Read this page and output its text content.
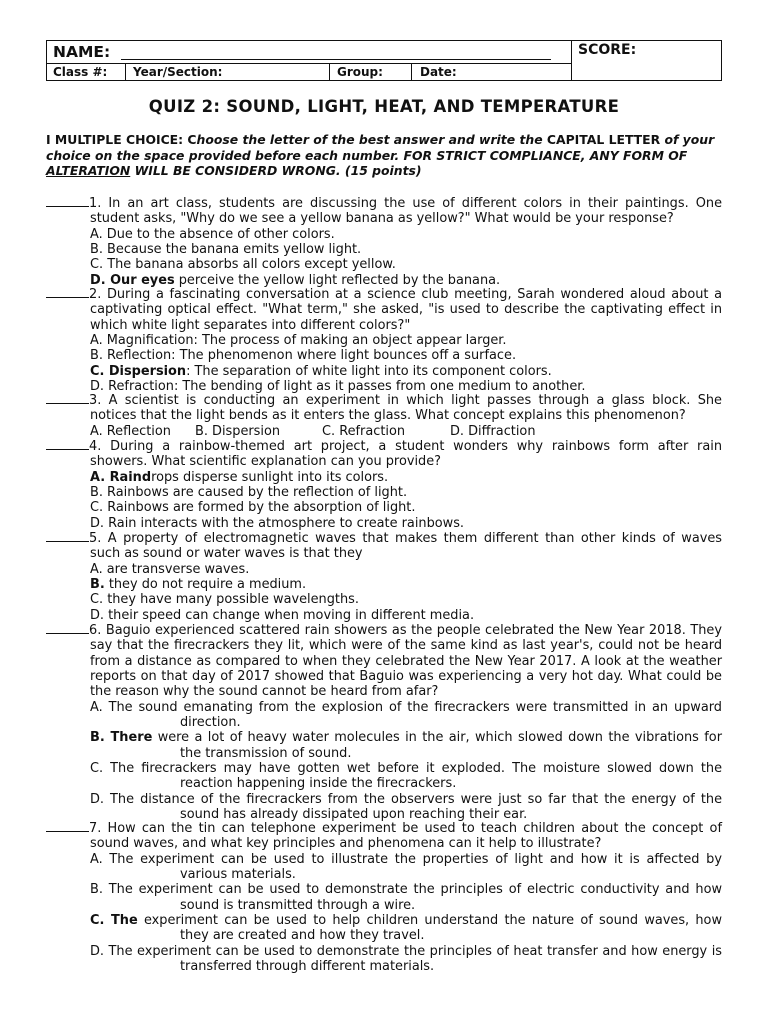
NAME:	SCORE:
Class #: Year/Section:	Group:	Date:
QUIZ 2: SOUND, LIGHT, HEAT, AND TEMPERATURE
I MULTIPLE CHOICE: Choose the letter of the best answer and write the CAPITAL LETTER of your choice on the space provided before each number. FOR STRICT COMPLIANCE, ANY FORM OF ALTERATION WILL BE CONSIDERD WRONG. (15 points)
1. In an art class, students are discussing the use of different colors in their paintings. One student asks, "Why do we see a yellow banana as yellow?" What would be your response?
A. Due to the absence of other colors.
B. Because the banana emits yellow light.
C. The banana absorbs all colors except yellow.
D. Our eyes perceive the yellow light reflected by the banana.
2. During a fascinating conversation at a science club meeting, Sarah wondered aloud about a captivating optical effect. "What term," she asked, "is used to describe the captivating effect in which white light separates into different colors?"
A. Magnification: The process of making an object appear larger.
B. Reflection: The phenomenon where light bounces off a surface.
C. Dispersion: The separation of white light into its component colors.
D. Refraction: The bending of light as it passes from one medium to another.
3. A scientist is conducting an experiment in which light passes through a glass block. She notices that the light bends as it enters the glass. What concept explains this phenomenon?
A. Reflection	B. Dispersion	C. Refraction	D. Diffraction
4. During a rainbow-themed art project, a student wonders why rainbows form after rain showers. What scientific explanation can you provide?
A. Raindrops disperse sunlight into its colors.
B. Rainbows are caused by the reflection of light.
C. Rainbows are formed by the absorption of light.
D. Rain interacts with the atmosphere to create rainbows.
5. A property of electromagnetic waves that makes them different than other kinds of waves such as sound or water waves is that they
A. are transverse waves.
B. they do not require a medium.
C. they have many possible wavelengths.
D. their speed can change when moving in different media.
6. Baguio experienced scattered rain showers as the people celebrated the New Year 2018. They say that the firecrackers they lit, which were of the same kind as last year's, could not be heard from a distance as compared to when they celebrated the New Year 2017. A look at the weather reports on that day of 2017 showed that Baguio was experiencing a very hot day. What could be the reason why the sound cannot be heard from afar?
A. The sound emanating from the explosion of the firecrackers were transmitted in an upward direction.
B. There were a lot of heavy water molecules in the air, which slowed down the vibrations for the transmission of sound.
C. The firecrackers may have gotten wet before it exploded. The moisture slowed down the reaction happening inside the firecrackers.
D. The distance of the firecrackers from the observers were just so far that the energy of the sound has already dissipated upon reaching their ear.
7. How can the tin can telephone experiment be used to teach children about the concept of sound waves, and what key principles and phenomena can it help to illustrate?
A. The experiment can be used to illustrate the properties of light and how it is affected by various materials.
B. The experiment can be used to demonstrate the principles of electric conductivity and how sound is transmitted through a wire.
C. The experiment can be used to help children understand the nature of sound waves, how they are created and how they travel.
D. The experiment can be used to demonstrate the principles of heat transfer and how energy is transferred through different materials.
